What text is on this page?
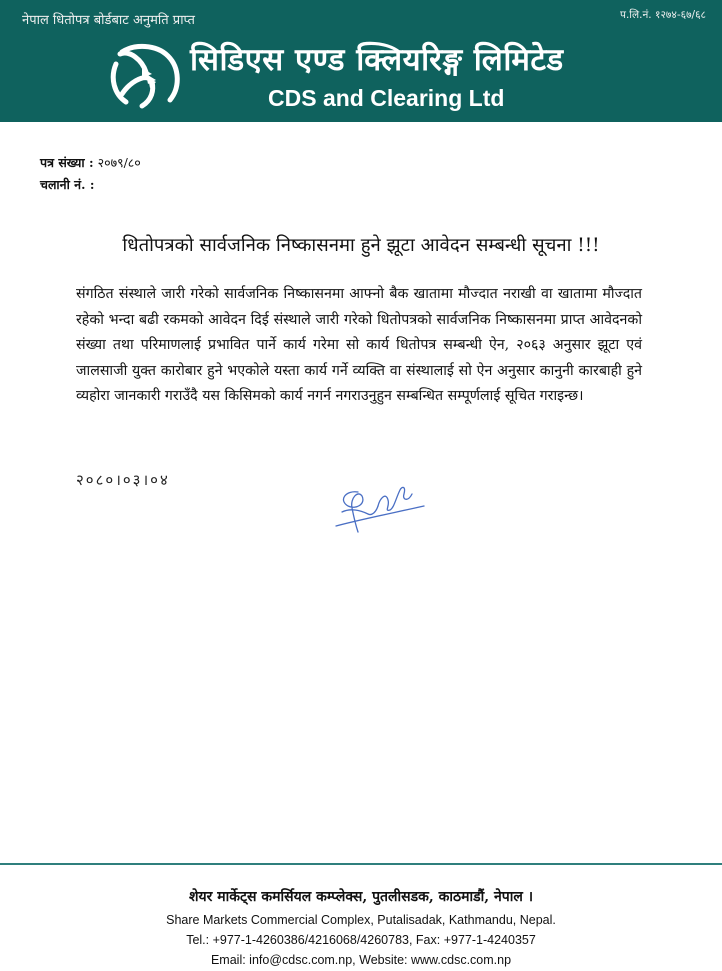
नेपाल धितोपत्र बोर्डबाट अनुमति प्राप्त	प.लि.नं. १२७४-६७/६८
सिडिएस एण्ड क्लियरिङ्ग लिमिटेड
CDS and Clearing Ltd
पत्र संख्या : २०७९/८०
चलानी नं. :
धितोपत्रको सार्वजनिक निष्कासनमा हुने झूटा आवेदन सम्बन्धी सूचना !!!
संगठित संस्थाले जारी गरेको सार्वजनिक निष्कासनमा आफ्नो बैक खातामा मौज्दात नराखी वा खातामा मौज्दात रहेको भन्दा बढी रकमको आवेदन दिई संस्थाले जारी गरेको धितोपत्रको सार्वजनिक निष्कासनमा प्राप्त आवेदनको संख्या तथा परिमाणलाई प्रभावित पार्ने कार्य गरेमा सो कार्य धितोपत्र सम्बन्धी ऐन, २०६३ अनुसार झूटा एवं जालसाजी युक्त कारोबार हुने भएकोले यस्ता कार्य गर्ने व्यक्ति वा संस्थालाई सो ऐन अनुसार कानुनी कारबाही हुने व्यहोरा जानकारी गराउँदै यस किसिमको कार्य नगर्न नगराउनुहुन सम्बन्धित सम्पूर्णलाई सूचित गराइन्छ।
२०८०।०३।०४
शेयर मार्केट्स कमर्सियल कम्प्लेक्स, पुतलीसडक, काठमाडौं, नेपाल ।
Share Markets Commercial Complex, Putalisadak, Kathmandu, Nepal.
Tel.: +977-1-4260386/4216068/4260783, Fax: +977-1-4240357
Email: info@cdsc.com.np, Website: www.cdsc.com.np
